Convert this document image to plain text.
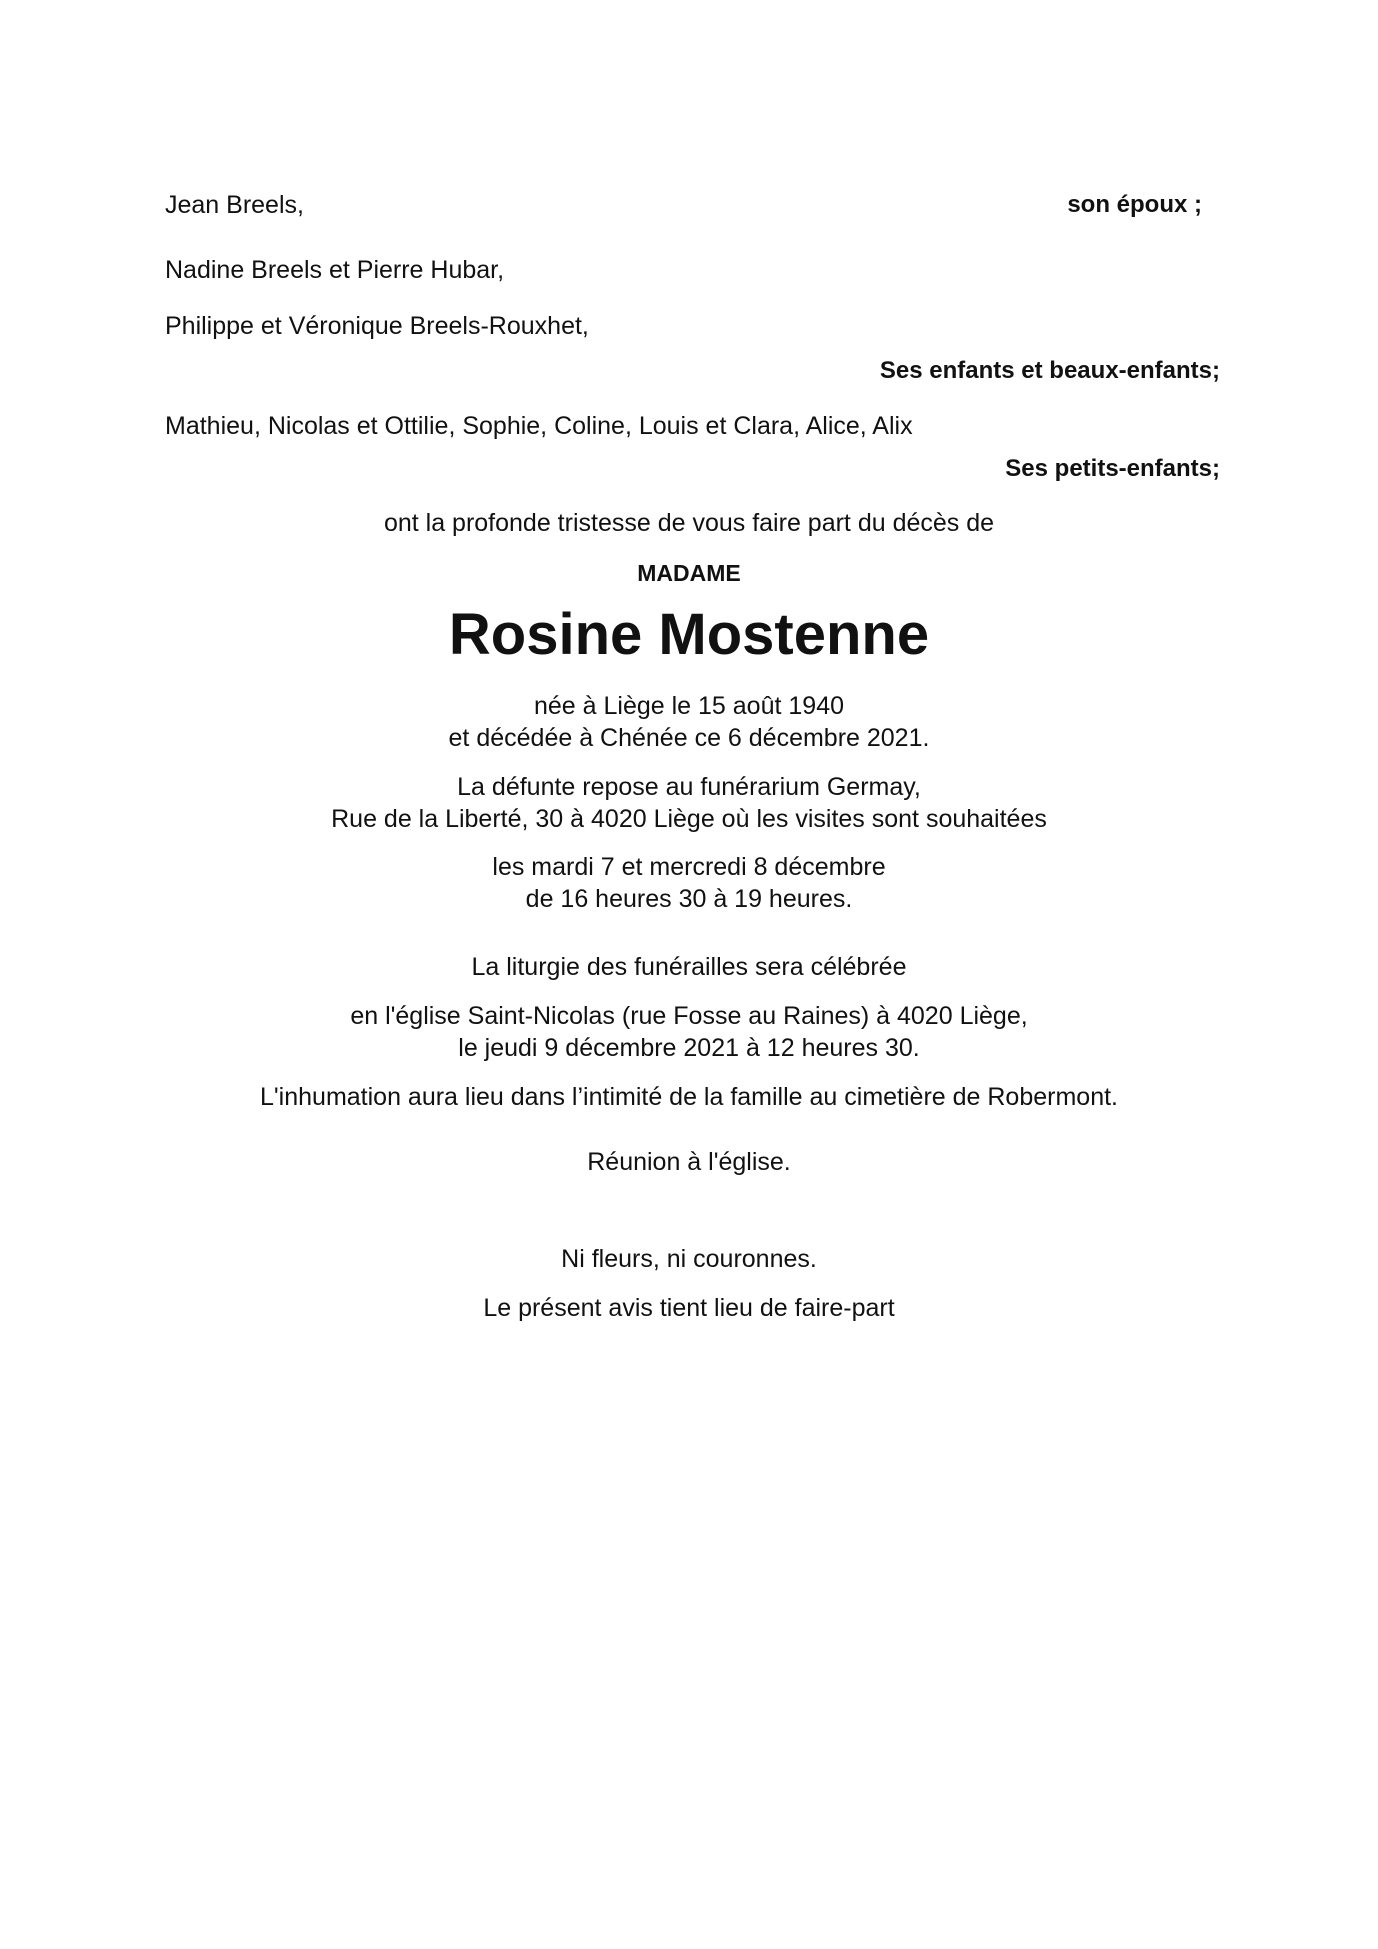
Jean Breels,	son époux ;
Nadine Breels et Pierre Hubar,
Philippe et Véronique Breels-Rouxhet,
Ses enfants et beaux-enfants;
Mathieu, Nicolas et Ottilie, Sophie, Coline, Louis et Clara, Alice, Alix
Ses petits-enfants;
ont la profonde tristesse de vous faire part du décès de
MADAME
Rosine Mostenne
née à Liège le 15 août 1940
et décédée à Chénée ce 6 décembre 2021.
La défunte repose au funérarium Germay,
Rue de la Liberté, 30 à 4020 Liège où les visites sont souhaitées
les mardi 7 et mercredi 8 décembre
de 16 heures 30 à 19 heures.
La liturgie des funérailles sera célébrée
en l'église Saint-Nicolas (rue Fosse au Raines) à 4020 Liège,
le jeudi 9 décembre 2021 à 12 heures 30.
L'inhumation aura lieu dans l’intimité de la famille au cimetière de Robermont.
Réunion à l'église.
Ni fleurs, ni couronnes.
Le présent avis tient lieu de faire-part
